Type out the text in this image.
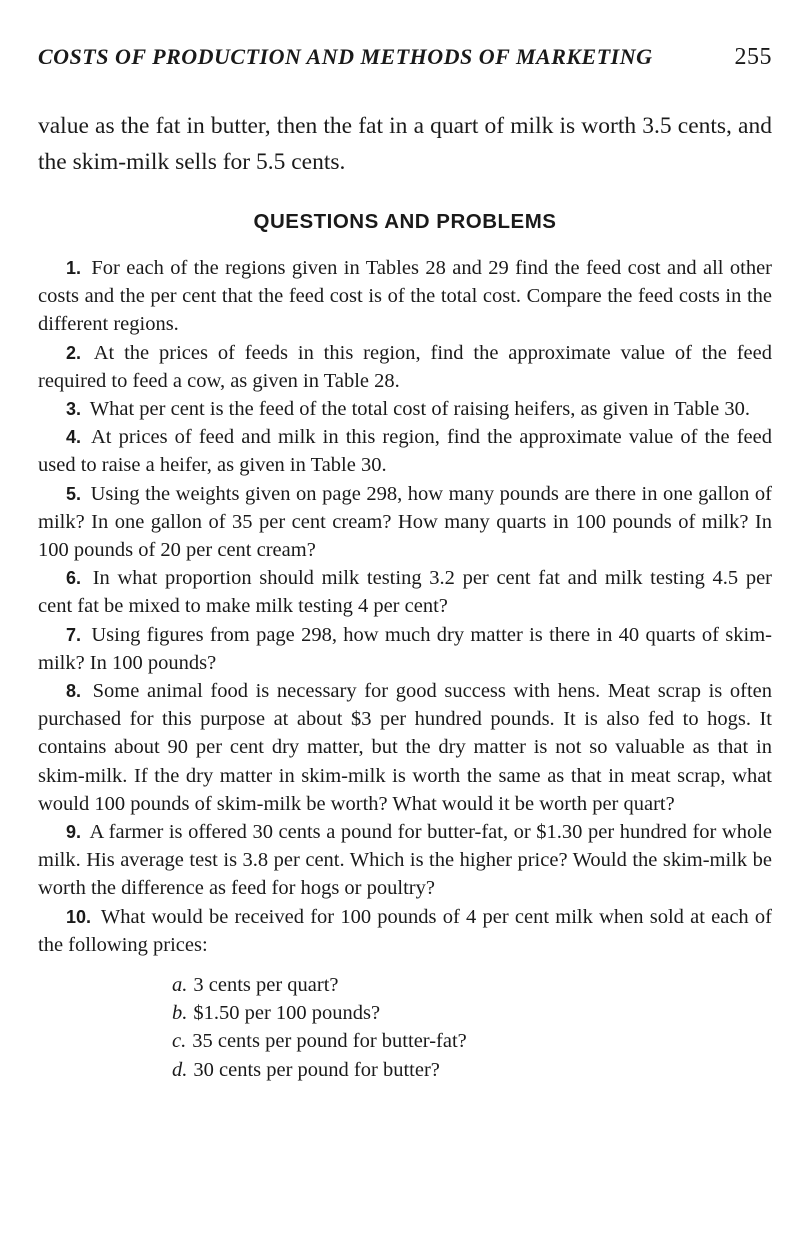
COSTS OF PRODUCTION AND METHODS OF MARKETING	255

value as the fat in butter, then the fat in a quart of milk is worth 3.5 cents, and the skim-milk sells for 5.5 cents.

QUESTIONS AND PROBLEMS

1. For each of the regions given in Tables 28 and 29 find the feed cost and all other costs and the per cent that the feed cost is of the total cost. Compare the feed costs in the different regions.

2. At the prices of feeds in this region, find the approximate value of the feed required to feed a cow, as given in Table 28.

3. What per cent is the feed of the total cost of raising heifers, as given in Table 30.

4. At prices of feed and milk in this region, find the approximate value of the feed used to raise a heifer, as given in Table 30.

5. Using the weights given on page 298, how many pounds are there in one gallon of milk? In one gallon of 35 per cent cream? How many quarts in 100 pounds of milk? In 100 pounds of 20 per cent cream?

6. In what proportion should milk testing 3.2 per cent fat and milk testing 4.5 per cent fat be mixed to make milk testing 4 per cent?

7. Using figures from page 298, how much dry matter is there in 40 quarts of skim-milk? In 100 pounds?

8. Some animal food is necessary for good success with hens. Meat scrap is often purchased for this purpose at about $3 per hundred pounds. It is also fed to hogs. It contains about 90 per cent dry matter, but the dry matter is not so valuable as that in skim-milk. If the dry matter in skim-milk is worth the same as that in meat scrap, what would 100 pounds of skim-milk be worth? What would it be worth per quart?

9. A farmer is offered 30 cents a pound for butter-fat, or $1.30 per hundred for whole milk. His average test is 3.8 per cent. Which is the higher price? Would the skim-milk be worth the difference as feed for hogs or poultry?

10. What would be received for 100 pounds of 4 per cent milk when sold at each of the following prices:

a. 3 cents per quart?
b. $1.50 per 100 pounds?
c. 35 cents per pound for butter-fat?
d. 30 cents per pound for butter?
